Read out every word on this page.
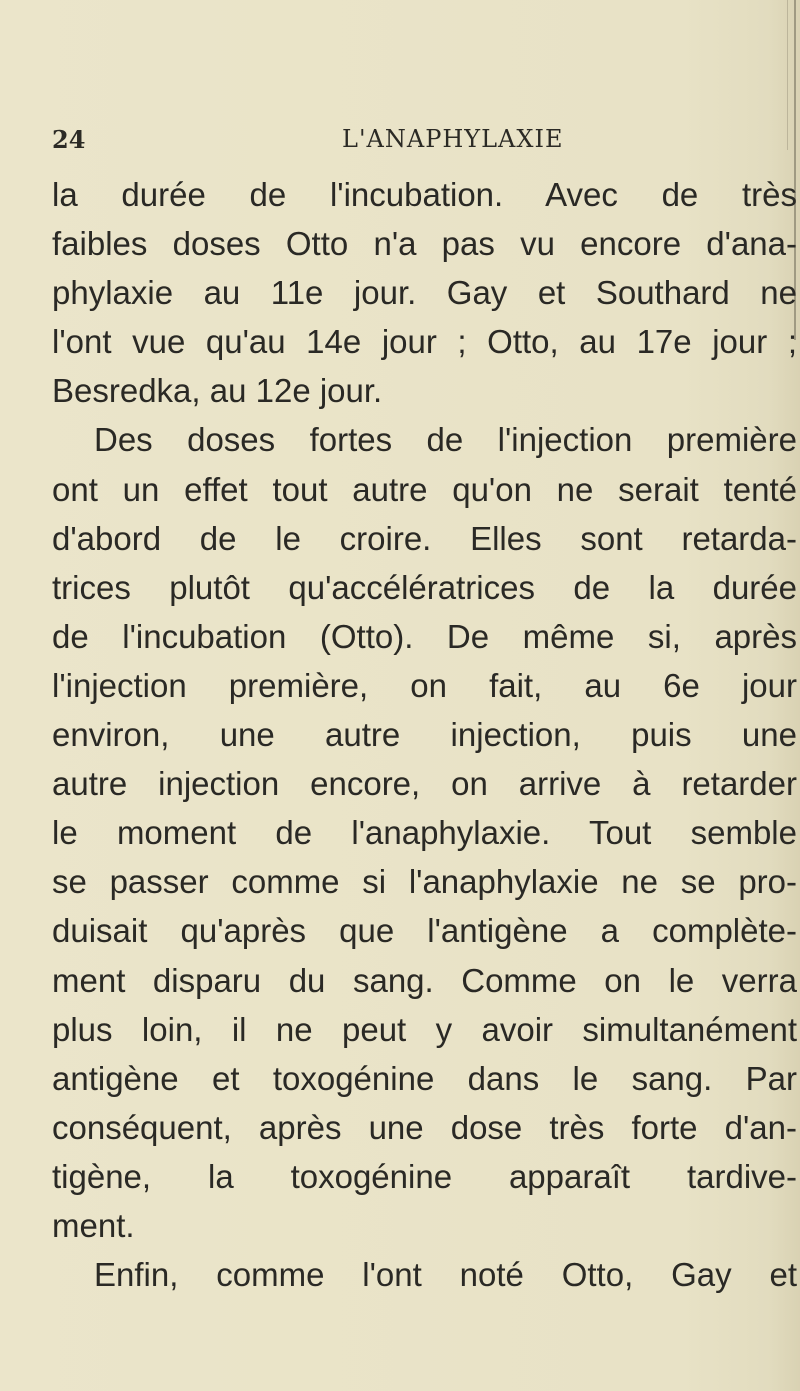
24	L'ANAPHYLAXIE
la durée de l'incubation. Avec de très
faibles doses Otto n'a pas vu encore d'ana-
phylaxie au 11e jour. Gay et Southard ne
l'ont vue qu'au 14e jour ; Otto, au 17e jour ;
Besredka, au 12e jour.
Des doses fortes de l'injection première
ont un effet tout autre qu'on ne serait tenté
d'abord de le croire. Elles sont retarda-
trices plutôt qu'accélératrices de la durée
de l'incubation (Otto). De même si, après
l'injection première, on fait, au 6e jour
environ, une autre injection, puis une
autre injection encore, on arrive à retarder
le moment de l'anaphylaxie. Tout semble
se passer comme si l'anaphylaxie ne se pro-
duisait qu'après que l'antigène a complète-
ment disparu du sang. Comme on le verra
plus loin, il ne peut y avoir simultanément
antigène et toxogénine dans le sang. Par
conséquent, après une dose très forte d'an-
tigène, la toxogénine apparaît tardive-
ment.
Enfin, comme l'ont noté Otto, Gay et
